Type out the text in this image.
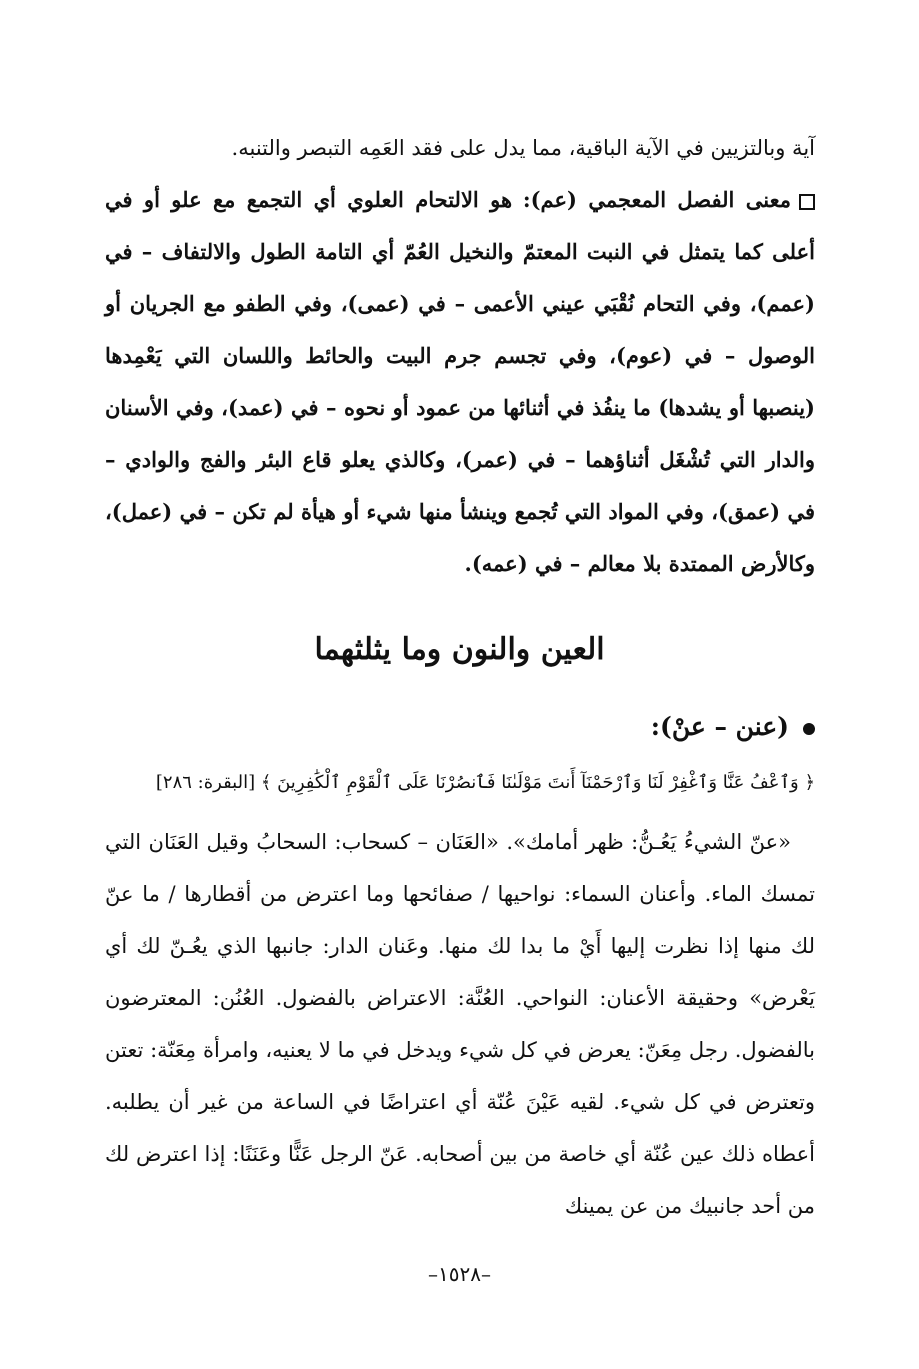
آية وبالتزيين في الآية الباقية، مما يدل على فقد العَمِه التبصر والتنبه.
معنى الفصل المعجمي (عم): هو الالتحام العلوي أي التجمع مع علو أو في أعلى كما يتمثل في النبت المعتمّ والنخيل العُمّ أي التامة الطول والالتفاف – في (عمم)، وفي التحام نُقْبَي عيني الأعمى – في (عمى)، وفي الطفو مع الجريان أو الوصول – في (عوم)، وفي تجسم جرم البيت والحائط واللسان التي يَعْمِدها (ينصبها أو يشدها) ما ينفُذ في أثنائها من عمود أو نحوه – في (عمد)، وفي الأسنان والدار التي تُشْغَل أثناؤهما – في (عمر)، وكالذي يعلو قاع البئر والفج والوادي – في (عمق)، وفي المواد التي تُجمع وينشأ منها شيء أو هيأة لم تكن – في (عمل)، وكالأرض الممتدة بلا معالم – في (عمه).

العين والنون وما يثلثهما
(عنن – عنْ):

﴿ وَٱعْفُ عَنَّا وَٱغْفِرْ لَنَا وَٱرْحَمْنَآ أَنتَ مَوْلَىٰنَا فَٱنصُرْنَا عَلَى ٱلْقَوْمِ ٱلْكَٰفِرِينَ ﴾ [البقرة: ٢٨٦]

«عنّ الشيءُ يَعُـنُّ: ظهر أمامك». «العَنَان – كسحاب: السحابُ وقيل العَنَان التي تمسك الماء. وأعنان السماء: نواحيها / صفائحها وما اعترض من أقطارها / ما عنّ لك منها إذا نظرت إليها أَيْ ما بدا لك منها. وعَنان الدار: جانبها الذي يعُـنّ لك أي يَعْرض» وحقيقة الأعنان: النواحي. العُنَّة: الاعتراض بالفضول. العُنُن: المعترضون بالفضول. رجل مِعَنّ: يعرض في كل شيء ويدخل في ما لا يعنيه، وامرأة مِعَنّة: تعتن وتعترض في كل شيء. لقيه عَيْنَ عُنّة أي اعتراضًا في الساعة من غير أن يطلبه. أعطاه ذلك عين عُنّة أي خاصة من بين أصحابه. عَنّ الرجل عَنًّا وعَنَنًا: إذا اعترض لك من أحد جانبيك من عن يمينك

–١٥٢٨–
